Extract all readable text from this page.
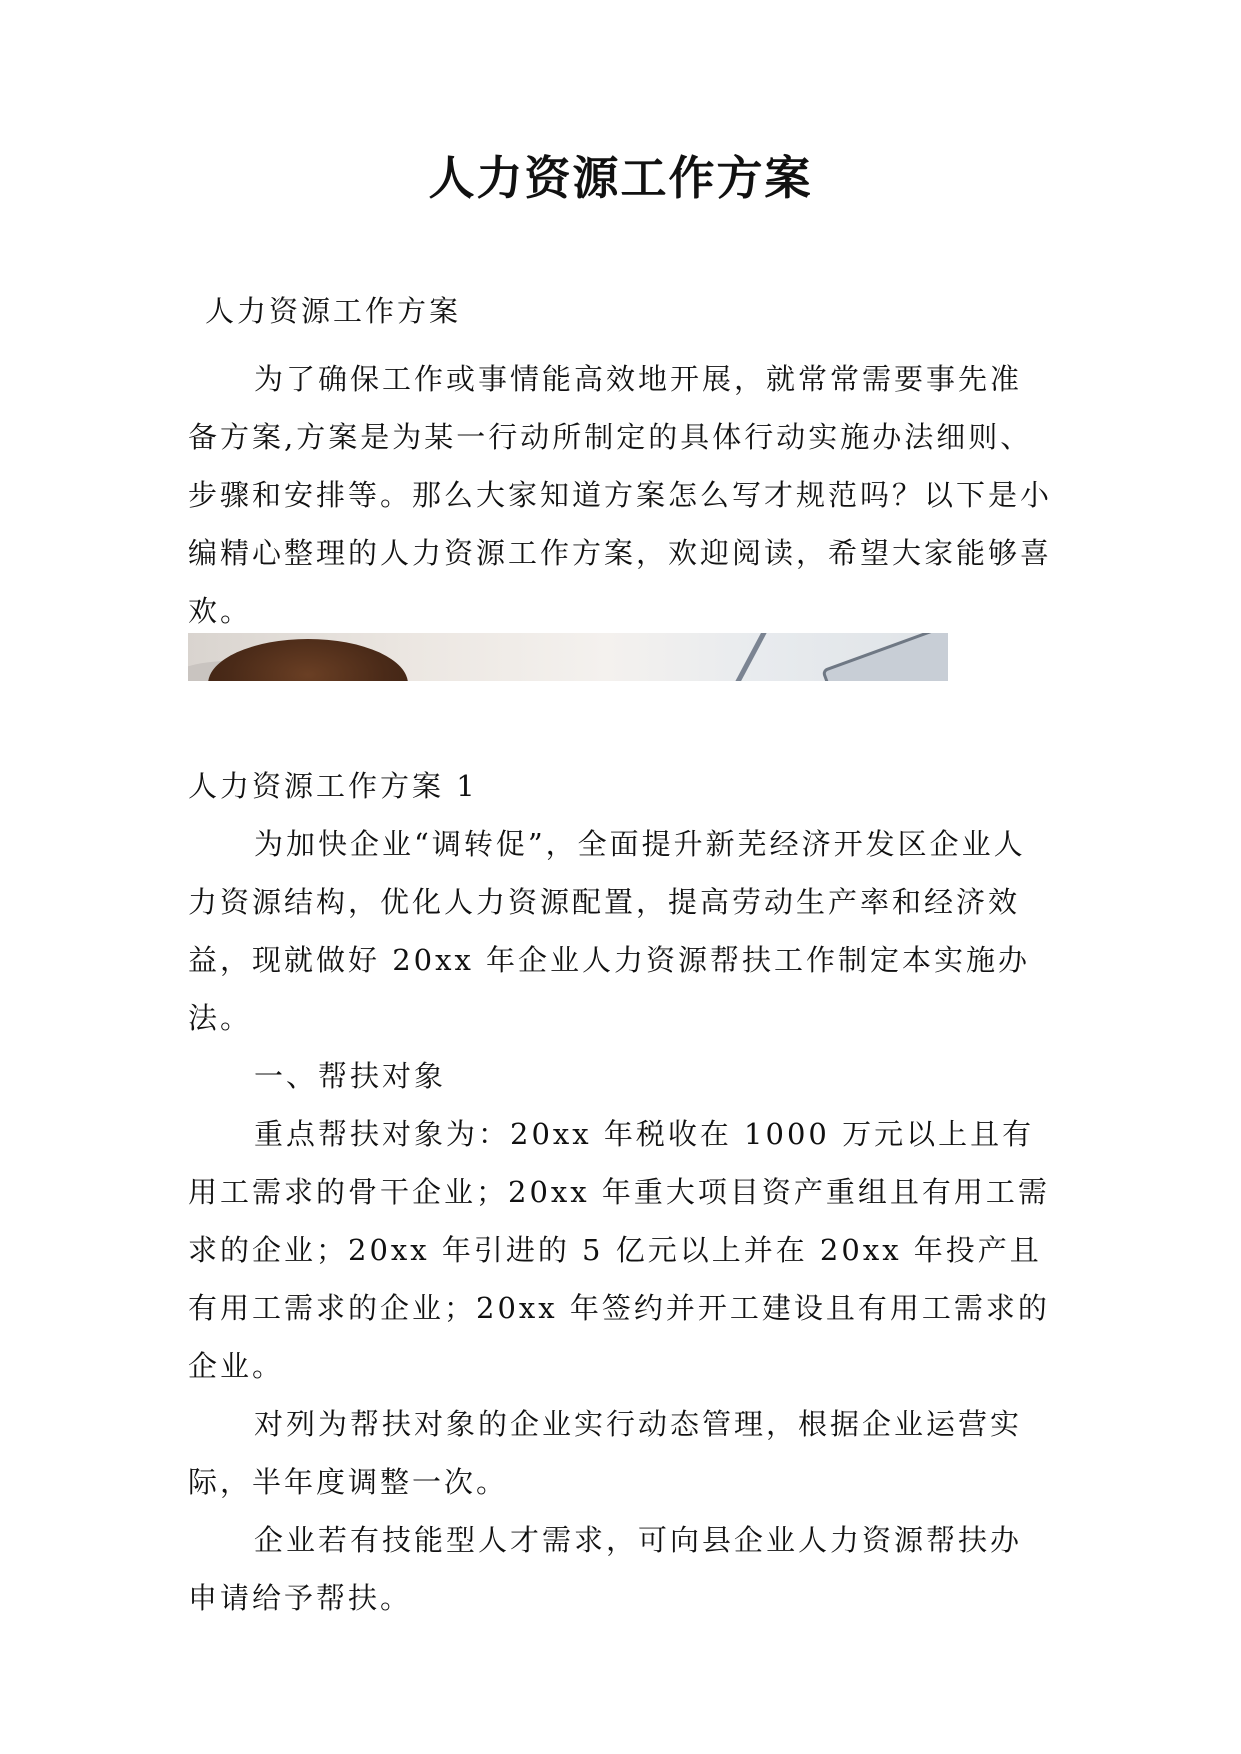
人力资源工作方案
人力资源工作方案

为了确保工作或事情能高效地开展，就常常需要事先准备方案,方案是为某一行动所制定的具体行动实施办法细则、步骤和安排等。那么大家知道方案怎么写才规范吗？以下是小编精心整理的人力资源工作方案，欢迎阅读，希望大家能够喜欢。

人力资源工作方案 1

为加快企业“调转促”，全面提升新芜经济开发区企业人力资源结构，优化人力资源配置，提高劳动生产率和经济效益，现就做好 20xx 年企业人力资源帮扶工作制定本实施办法。

一、帮扶对象

重点帮扶对象为：20xx 年税收在 1000 万元以上且有用工需求的骨干企业；20xx 年重大项目资产重组且有用工需求的企业；20xx 年引进的 5 亿元以上并在 20xx 年投产且有用工需求的企业；20xx 年签约并开工建设且有用工需求的企业。

对列为帮扶对象的企业实行动态管理，根据企业运营实际，半年度调整一次。

企业若有技能型人才需求，可向县企业人力资源帮扶办申请给予帮扶。
